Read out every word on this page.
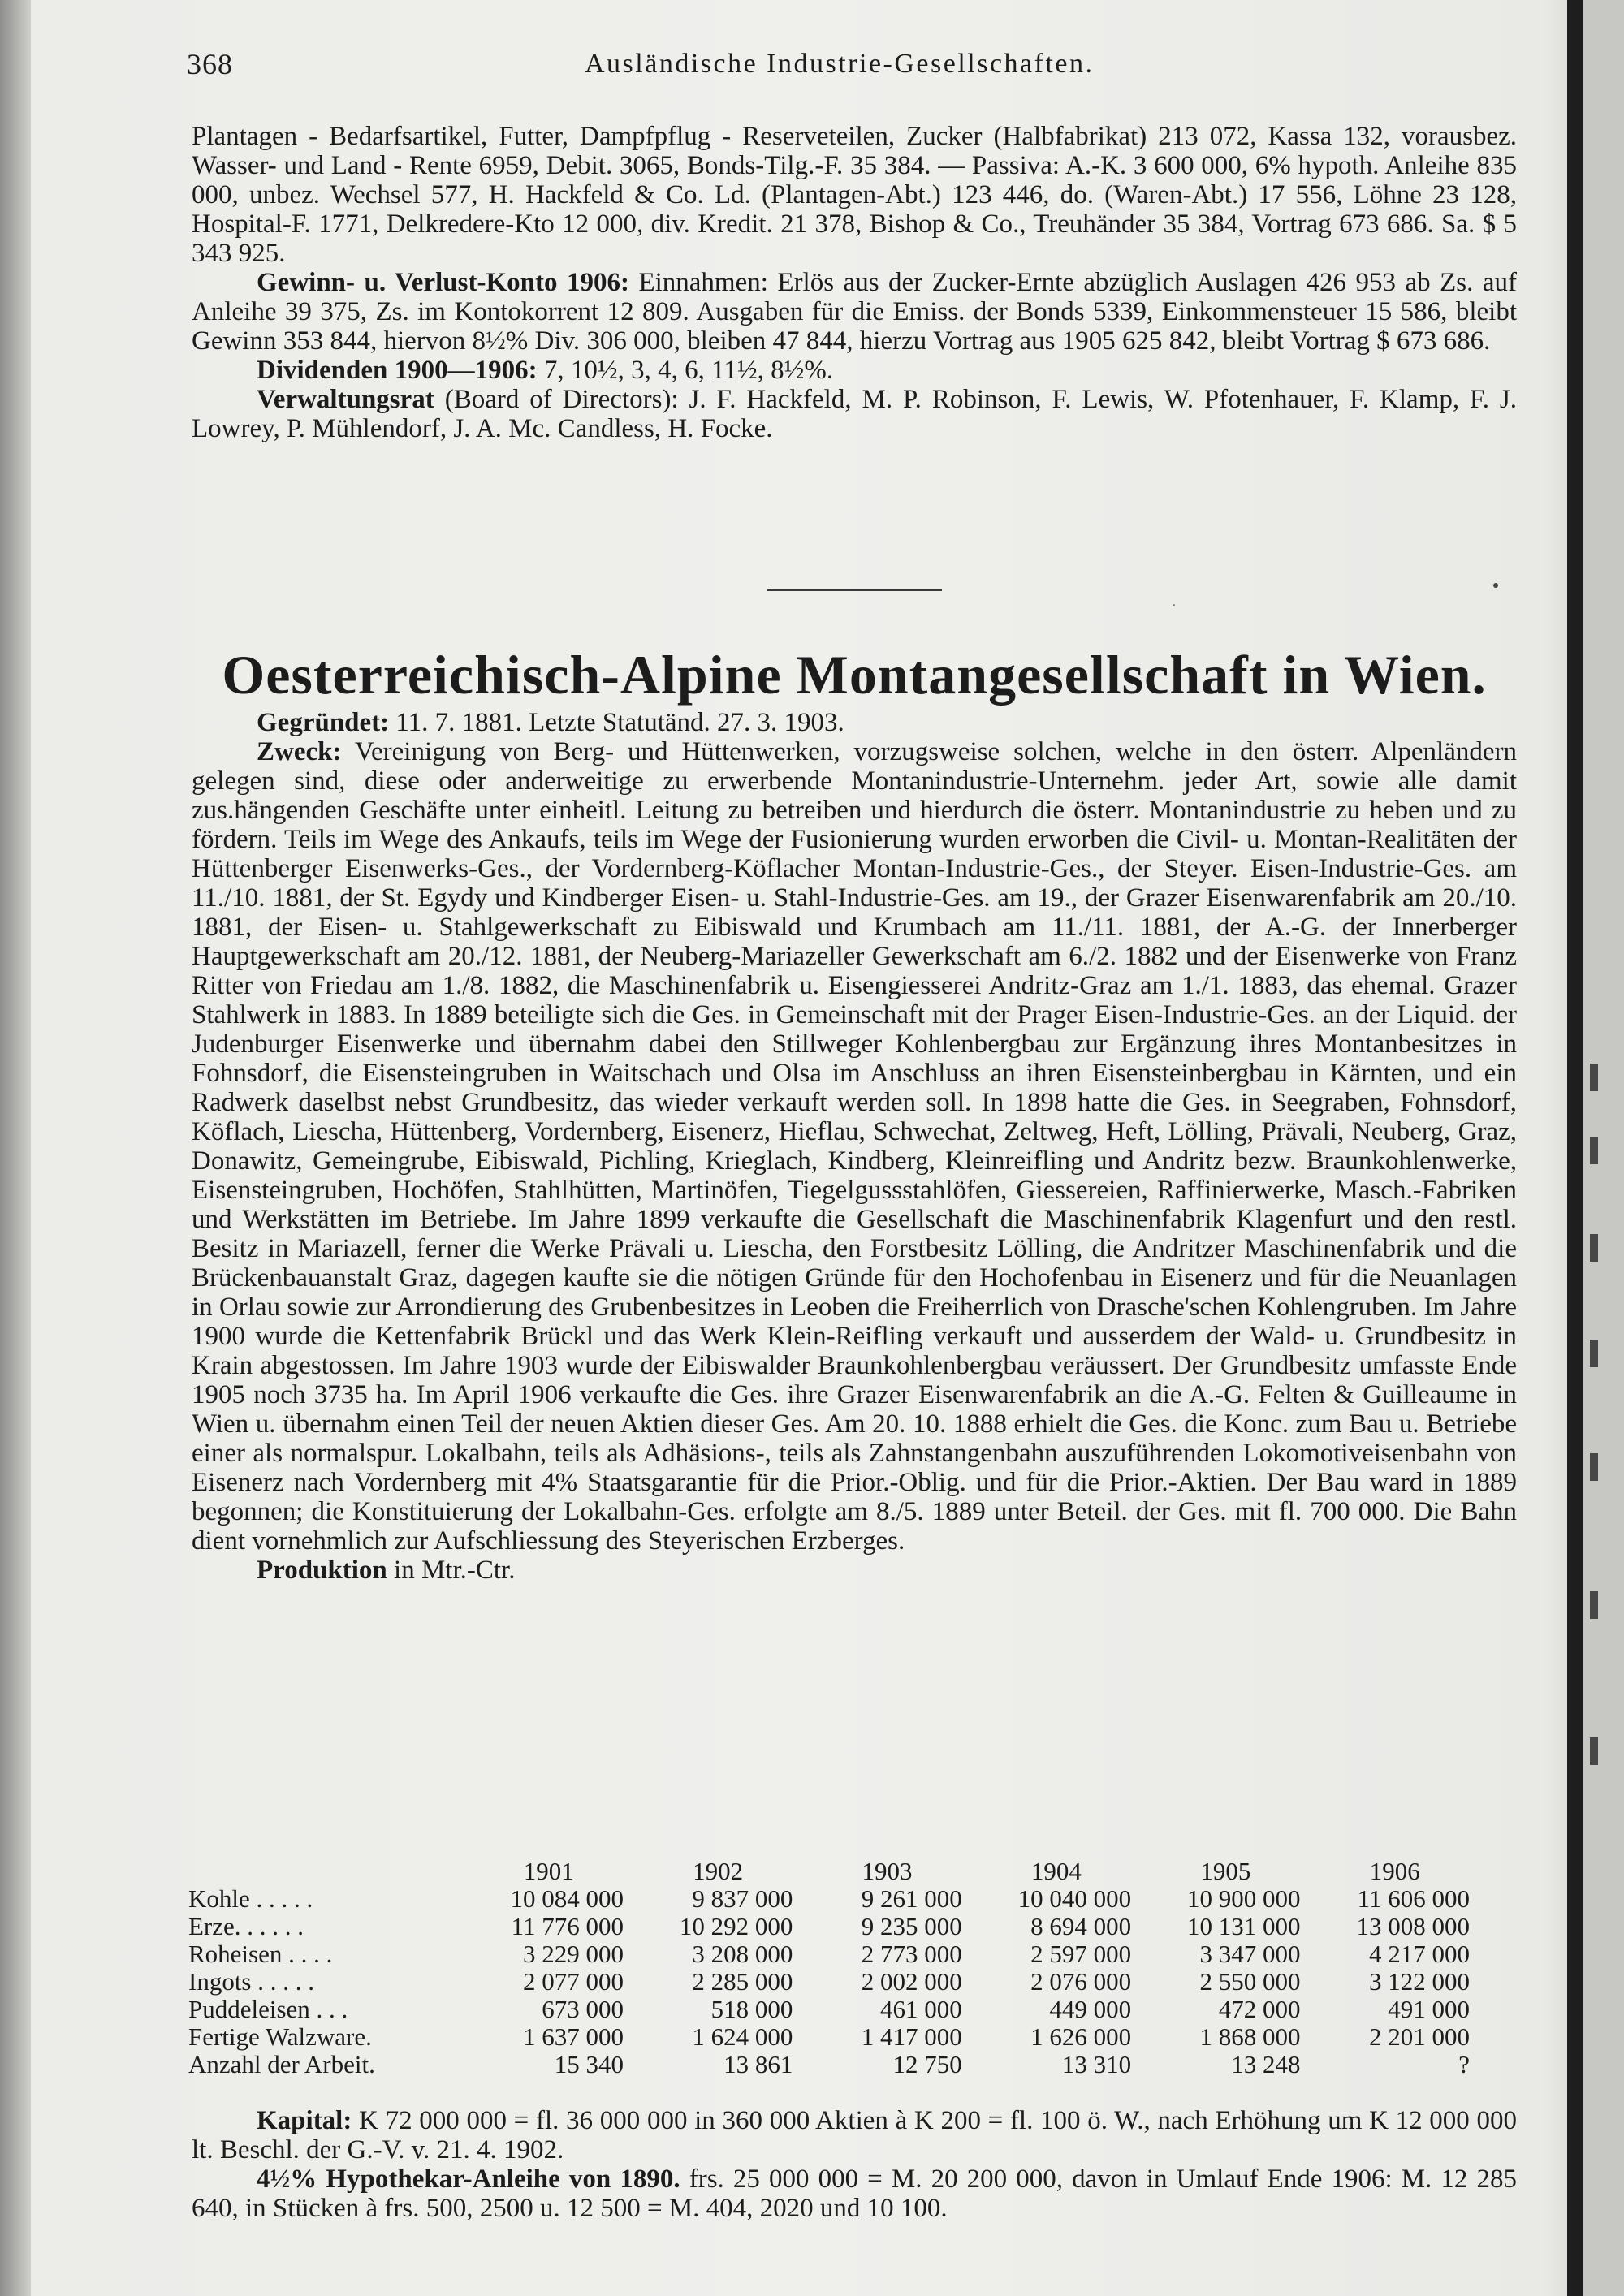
368	Ausländische Industrie-Gesellschaften.

Plantagen - Bedarfsartikel, Futter, Dampfpflug - Reserveteilen, Zucker (Halbfabrikat) 213 072, Kassa 132, vorausbez. Wasser- und Land - Rente 6959, Debit. 3065, Bonds-Tilg.-F. 35 384. — Passiva: A.-K. 3 600 000, 6% hypoth. Anleihe 835 000, unbez. Wechsel 577, H. Hackfeld & Co. Ld. (Plantagen-Abt.) 123 446, do. (Waren-Abt.) 17 556, Löhne 23 128, Hospital-F. 1771, Delkredere-Kto 12 000, div. Kredit. 21 378, Bishop & Co., Treuhänder 35 384, Vortrag 673 686. Sa. $ 5 343 925.

Gewinn- u. Verlust-Konto 1906: Einnahmen: Erlös aus der Zucker-Ernte abzüglich Auslagen 426 953 ab Zs. auf Anleihe 39 375, Zs. im Kontokorrent 12 809. Ausgaben für die Emiss. der Bonds 5339, Einkommensteuer 15 586, bleibt Gewinn 353 844, hiervon 8½% Div. 306 000, bleiben 47 844, hierzu Vortrag aus 1905 625 842, bleibt Vortrag $ 673 686.

Dividenden 1900—1906: 7, 10½, 3, 4, 6, 11½, 8½%.

Verwaltungsrat (Board of Directors): J. F. Hackfeld, M. P. Robinson, F. Lewis, W. Pfotenhauer, F. Klamp, F. J. Lowrey, P. Mühlendorf, J. A. Mc. Candless, H. Focke.

Oesterreichisch-Alpine Montangesellschaft in Wien.

Gegründet: 11. 7. 1881. Letzte Statutänd. 27. 3. 1903.

Zweck: Vereinigung von Berg- und Hüttenwerken, vorzugsweise solchen, welche in den österr. Alpenländern gelegen sind, diese oder anderweitige zu erwerbende Montanindustrie-Unternehm. jeder Art, sowie alle damit zus.hängenden Geschäfte unter einheitl. Leitung zu betreiben und hierdurch die österr. Montanindustrie zu heben und zu fördern. Teils im Wege des Ankaufs, teils im Wege der Fusionierung wurden erworben die Civil- u. Montan-Realitäten der Hüttenberger Eisenwerks-Ges., der Vordernberg-Köflacher Montan-Industrie-Ges., der Steyer. Eisen-Industrie-Ges. am 11./10. 1881, der St. Egydy und Kindberger Eisen- u. Stahl-Industrie-Ges. am 19., der Grazer Eisenwarenfabrik am 20./10. 1881, der Eisen- u. Stahlgewerkschaft zu Eibiswald und Krumbach am 11./11. 1881, der A.-G. der Innerberger Hauptgewerkschaft am 20./12. 1881, der Neuberg-Mariazeller Gewerkschaft am 6./2. 1882 und der Eisenwerke von Franz Ritter von Friedau am 1./8. 1882, die Maschinenfabrik u. Eisengiesserei Andritz-Graz am 1./1. 1883, das ehemal. Grazer Stahlwerk in 1883. In 1889 beteiligte sich die Ges. in Gemeinschaft mit der Prager Eisen-Industrie-Ges. an der Liquid. der Judenburger Eisenwerke und übernahm dabei den Stillweger Kohlenbergbau zur Ergänzung ihres Montanbesitzes in Fohnsdorf, die Eisensteingruben in Waitschach und Olsa im Anschluss an ihren Eisensteinbergbau in Kärnten, und ein Radwerk daselbst nebst Grundbesitz, das wieder verkauft werden soll. In 1898 hatte die Ges. in Seegraben, Fohnsdorf, Köflach, Liescha, Hüttenberg, Vordernberg, Eisenerz, Hieflau, Schwechat, Zeltweg, Heft, Lölling, Prävali, Neuberg, Graz, Donawitz, Gemeingrube, Eibiswald, Pichling, Krieglach, Kindberg, Kleinreifling und Andritz bezw. Braunkohlenwerke, Eisensteingruben, Hochöfen, Stahlhütten, Martinöfen, Tiegelgussstahlöfen, Giessereien, Raffinierwerke, Masch.-Fabriken und Werkstätten im Betriebe. Im Jahre 1899 verkaufte die Gesellschaft die Maschinenfabrik Klagenfurt und den restl. Besitz in Mariazell, ferner die Werke Prävali u. Liescha, den Forstbesitz Lölling, die Andritzer Maschinenfabrik und die Brückenbauanstalt Graz, dagegen kaufte sie die nötigen Gründe für den Hochofenbau in Eisenerz und für die Neuanlagen in Orlau sowie zur Arrondierung des Grubenbesitzes in Leoben die Freiherrlich von Drasche'schen Kohlengruben. Im Jahre 1900 wurde die Kettenfabrik Brückl und das Werk Klein-Reifling verkauft und ausserdem der Wald- u. Grundbesitz in Krain abgestossen. Im Jahre 1903 wurde der Eibiswalder Braunkohlenbergbau veräussert. Der Grundbesitz umfasste Ende 1905 noch 3735 ha. Im April 1906 verkaufte die Ges. ihre Grazer Eisenwarenfabrik an die A.-G. Felten & Guilleaume in Wien u. übernahm einen Teil der neuen Aktien dieser Ges. Am 20. 10. 1888 erhielt die Ges. die Konc. zum Bau u. Betriebe einer als normalspur. Lokalbahn, teils als Adhäsions-, teils als Zahnstangenbahn auszuführenden Lokomotiveisenbahn von Eisenerz nach Vordernberg mit 4% Staatsgarantie für die Prior.-Oblig. und für die Prior.-Aktien. Der Bau ward in 1889 begonnen; die Konstituierung der Lokalbahn-Ges. erfolgte am 8./5. 1889 unter Beteil. der Ges. mit fl. 700 000. Die Bahn dient vornehmlich zur Aufschliessung des Steyerischen Erzberges.

Produktion in Mtr.-Ctr.

	1901	1902	1903	1904	1905	1906
Kohle . . . . .	10 084 000	9 837 000	9 261 000	10 040 000	10 900 000	11 606 000
Erze. . . . . .	11 776 000	10 292 000	9 235 000	8 694 000	10 131 000	13 008 000
Roheisen . . . .	3 229 000	3 208 000	2 773 000	2 597 000	3 347 000	4 217 000
Ingots . . . . .	2 077 000	2 285 000	2 002 000	2 076 000	2 550 000	3 122 000
Puddeleisen . . .	673 000	518 000	461 000	449 000	472 000	491 000
Fertige Walzware.	1 637 000	1 624 000	1 417 000	1 626 000	1 868 000	2 201 000
Anzahl der Arbeit.	15 340	13 861	12 750	13 310	13 248	?

Kapital: K 72 000 000 = fl. 36 000 000 in 360 000 Aktien à K 200 = fl. 100 ö. W., nach Erhöhung um K 12 000 000 lt. Beschl. der G.-V. v. 21. 4. 1902.

4½% Hypothekar-Anleihe von 1890. frs. 25 000 000 = M. 20 200 000, davon in Umlauf Ende 1906: M. 12 285 640, in Stücken à frs. 500, 2500 u. 12 500 = M. 404, 2020 und 10 100.
